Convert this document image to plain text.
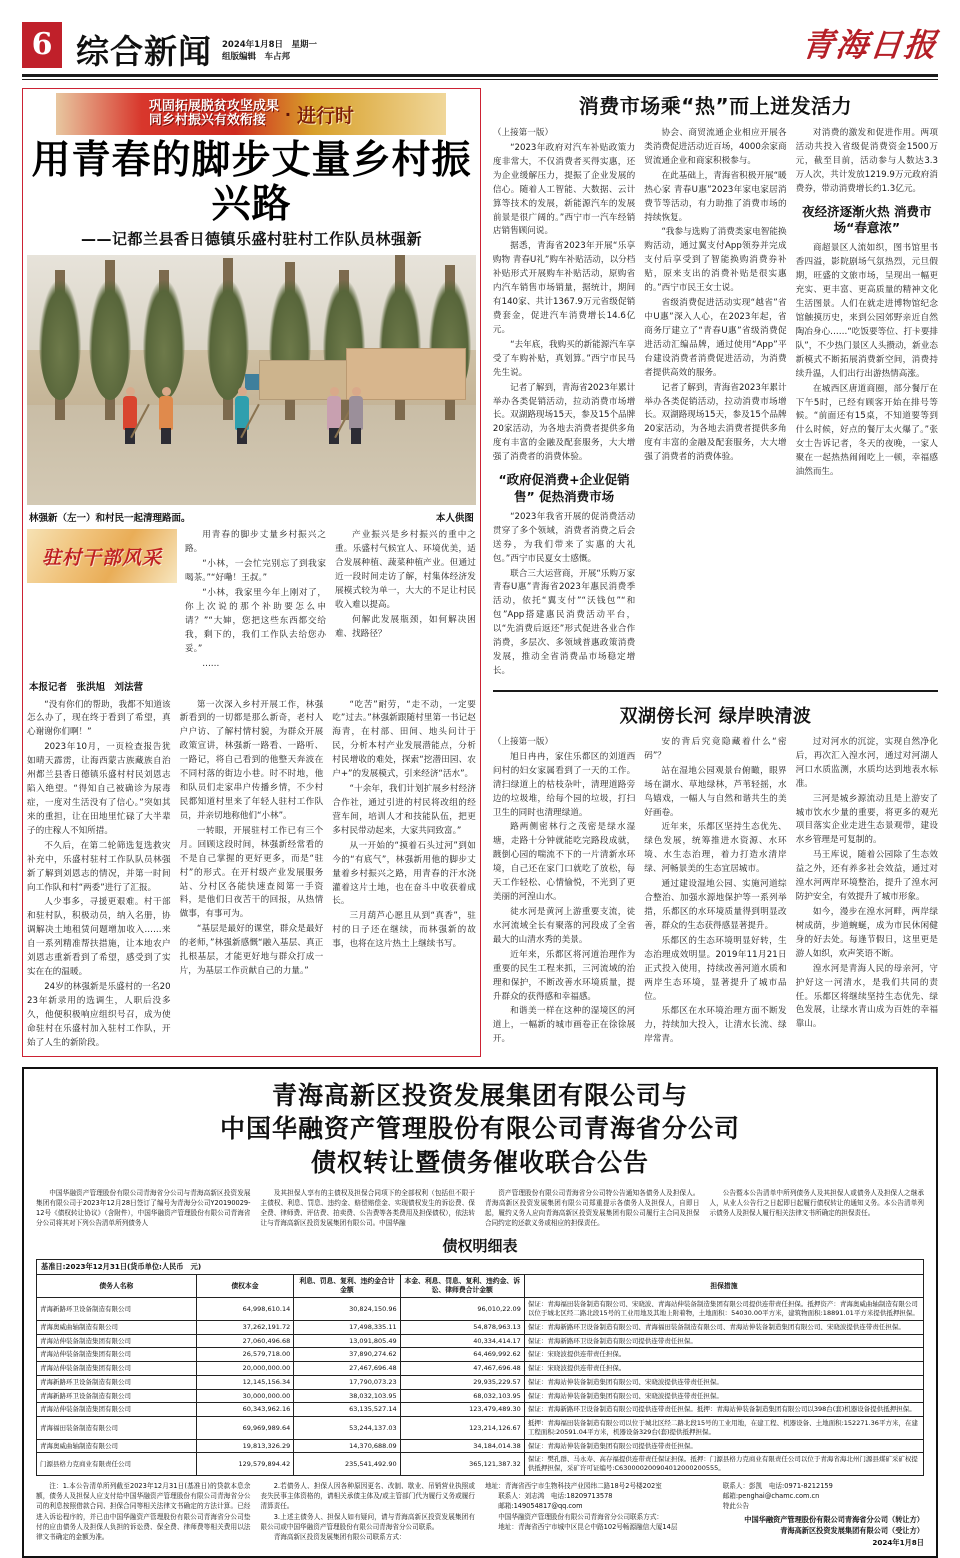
6 综合新闻 2024年1月8日　星期一
组版编辑　车占邦	青海日报
巩固拓展脱贫攻坚成果
同乡村振兴有效衔接	· 进行时
用青春的脚步丈量乡村振兴路
——记都兰县香日德镇乐盛村驻村工作队员林强新
林强新（左一）和村民一起清理路面。	本人供图
驻村干部风采

用青春的脚步丈量乡村振兴之路。

“小林，一会忙完别忘了到我家喝茶。”“好嘞！王叔。”

“小林，我家里今年上刚对了，你上次说的那个补助要怎么申请？”“大婶，您把这些东西都交给我，剩下的，我们工作队去给您办妥。”

……

产业振兴是乡村振兴的重中之重。乐盛村气候宜人、环境优美，适合发展种植、蔬菜种植产业。但通过近一段时间走访了解，村集体经济发展模式较为单一，大大的不足让村民收入难以提高。

何解此发展瓶颈，如何解决困难、找路径？

本报记者　张洪旭　刘法营

“没有你们的帮助，我都不知道该怎么办了，现在终于看到了希望，真心谢谢你们啊！”

2023年10月，一页检查报告犹如晴天霹雳，让海西蒙古族藏族自治州都兰县香日德镇乐盛村村民刘恩志陷入绝望。“得知自己被确诊为尿毒症，一度对生活没有了信心。”突如其来的重担，让在田地里忙碌了大半辈子的庄稼人不知所措。

不久后，在第二轮筛选复选救灾补充中，乐盛村驻村工作队队员林强新了解到刘恩志的情况，并第一时间向工作队和村“两委”进行了汇报。

人少事多，寻援更艰难。村干部和驻村队，积极动员，纳入名册，协调解决土地租赁问题增加收入……来自一系列精准帮扶措施，让本地农户刘恩志重新看到了希望，感受到了实实在在的温暖。

24岁的林强新是乐盛村的一名2023年新录用的选调生，人职后没多久，他便积极响应组织号召，成为使命驻村在乐盛村加入驻村工作队，开始了人生的新阶段。

第一次深入乡村开展工作，林强新看到的一切都是那么新奇，老村人户户访、了解村情村貌，为群众开展政策宣讲，林强新一路看、一路听、一路记，将自己看到的他整天奔波在不同村落的街边小巷。时不时地，他和队员们走家串户传播乡情，不少村民都知道村里来了年轻人驻村工作队员，并亲切地称他们“小林”。

一转眼，开展驻村工作已有三个月。回顾这段时间，林强新经常看的不是自己掌握的更好更多，而是“驻村”的形式。在开村级产业发展服务站、分村区各能快速查阅第一手资料，是他们日夜苦干的回报，从热情做事，有事可为。

“基层是最好的课堂，群众是最好的老师，”林强新感慨“融入基层、真正扎根基层，才能更好地与群众打成一片，为基层工作贡献自己的力量。”

“吃苦”耐劳，“走不动，一定要吃”过去。”林强新跟随村里第一书记赵海青，在村部、田间、地头问计于民，分析本村产业发展潜能点，分析村民增收的难处，探索“挖潜田园、农户+”的发展模式，引来经济“活水”。

“十余年，我们计划扩展乡村经济合作社，通过引进的村民将改组的经营车间，培训人才和技能队伍，把更多村民带动起来，大家共同致富。”

从一开始的“摸着石头过河”到如今的“有底气”，林强新用他的脚步丈量着乡村振兴之路，用青春的汗水浇灌着这片土地，也在奋斗中收获着成长。

三月葫芦心愿且从到“真香”，驻村的日子还在继续，而林强新的故事，也将在这片热土上继续书写。

消费市场乘“热”而上迸发活力

（上接第一版）

“2023年政府对汽车补贴政策力度非常大，不仅消费者买得实惠，还为企业缓解压力，提振了企业发展的信心。随着人工智能、大数据、云计算等技术的发展，新能源汽车的发展前景是很广阔的。”西宁市一汽车经销店销售顾问说。

据悉，青海省2023年开展“乐享购物 青春U礼”购车补贴活动，以分档补贴形式开展购车补贴活动，原购省内汽车销售市场销量，据统计，期间有140家、共计1367.9万元省级促销费套金，促进汽车消费增长14.6亿元。

“去年底，我购买的新能源汽车享受了车购补贴，真划算。”西宁市民马先生说。

记者了解到，青海省2023年累计举办各类促销活动，拉动消费市场增长。双湖路现场15天，参及15个品牌20家活动，为各地去消费者提供多角度有丰富的金融及配套服务，大大增强了消费者的消费体验。

“政府促消费+企业促销售” 促热消费市场

“2023年我省开展的促消费活动贯穿了多个领域，消费者消费之后会送券，为我们带来了实惠的大礼包。”西宁市民夏女士感慨。

联合三大运营商，开展“乐购万家 青春U惠”青海省2023年惠民消费季活动，依托“翼支付”“沃钱包”“和包”App搭建惠民消费活动平台，以“先消费后返还”形式促进各业合作消费，多层次、多领域普惠政策消费发展，推动全省消费品市场稳定增长。

协会、商贸流通企业相应开展各类消费促进活动近百场，4000余家商贸流通企业和商家积极参与。

在此基础上，青海省积极开展“暖热心家 青春U惠”2023年家电家居消费节等活动，有力助推了消费市场的持续恢复。

“我参与选购了消费类家电智能换购活动，通过翼支付App领券并完成支付后享受到了智能换购消费券补贴，原来支出的消费补贴是很实惠的。”西宁市民王女士说。

省级消费促进活动实现“越省”省中U惠”深入人心，在2023年起，省商务厅建立了“青春U惠”省级消费促进活动汇编品牌，通过使用“App”平台建设消费者消费促进活动，为消费者提供高效的服务。

记者了解到，青海省2023年累计举办各类促销活动，拉动消费市场增长。双湖路现场15天，参及15个品牌20家活动，为各地去消费者提供多角度有丰富的金融及配套服务，大大增强了消费者的消费体验。

对消费的激发和促进作用。两项活动共投入省级促消费资金1500万元，截至目前，活动参与人数达3.3万人次，共计发放1219.9万元政府消费券，带动消费增长约1.3亿元。

夜经济逐渐火热 消费市场“春意浓”

商超景区人流如织，图书馆里书香四溢，影院剧场气氛热烈，元旦假期，旺盛的文旅市场，呈现出一幅更充实、更丰富、更高质量的精神文化生活图景。人们在就走进博物馆纪念馆触摸历史，来到公园郊野亲近自然陶冶身心……“吃饭要等位、打卡要排队”，不少热门景区人头攒动，新业态新模式不断拓展消费新空间，消费持续升温，人们出行出游热情高涨。

在城西区唐道商圈，部分餐厅在下午5时，已经有顾客开始在排号等候。“前面还有15桌，不知道要等到什么时候，好点的餐厅太火爆了。”张女士告诉记者，冬天的夜晚，一家人聚在一起热热闹闹吃上一顿，幸福感油然而生。

双湖傍长河 绿岸映清波

（上接第一版）

旭日冉冉，家住乐都区的刘道西问村的妇女家属看到了一天的工作。清扫绿道上的枯枝杂叶，清理道路旁边的垃圾堆，给每个园的垃圾，打扫卫生的同时也清理绿道。

路两侧密林行之茂密是绿水湿塘，走路十分钟就能吃完路段成就，踱倒心园的喘流不下的一片清新水环境，自己还在家门口就吃了放松，每天工作轻松、心情愉悦，不光到了更美丽的河湟山水。

徒水河是黄河上游重要支流，徒水河流域全长有聚落的河段成了全省最大的山清水秀的美景。

近年来，乐都区将河道治理作为重要的民生工程来抓，三河流域的治理和保护，不断改善水环境质量，提升群众的获得感和幸福感。

和谐美一样在这种的湿境区的河道上，一幅新的城市画卷正在徐徐展开。

安的背后究竟隐藏着什么“密码”？

站在湿地公园观景台俯瞰，眼界场在湖水、草地绿林，芦苇轻摇，水鸟嬉戏，一幅人与自然和谐共生的美好画卷。

近年来，乐都区坚持生态优先、绿色发展，统筹推进水资源、水环境、水生态治理，着力打造水清岸绿、河畅景美的生态宜居城市。

通过建设湿地公园、实施河道综合整治、加强水源地保护等一系列举措，乐都区的水环境质量得到明显改善，群众的生态获得感显著提升。

乐都区的生态环境明显好转，生态治理成效明显。2019年11月21日正式投入使用，持续改善河道水质和两岸生态环境，显著提升了城市品位。

乐都区在水环境治理方面不断发力，持续加大投入，让清水长流、绿岸常青。

过对河水的沉淀，实现自然净化后，再次汇入湟水河，通过对河湖人河口水质监测，水质均达到地表水标准。

三河是城乡源流动且是上游安了城市饮水少量的重要，将更多的观光项目落实企业走进生态景观带，建设水乡管理是可复制的。

马王库说，随着公园除了生态效益之外，还有养多社会效益，通过对湟水河两岸环境整治，提升了湟水河防护安全，有效提升了城市形象。

如今，漫步在湟水河畔，两岸绿树成荫，步道蜿蜒，成为市民休闲健身的好去处。每逢节假日，这里更是游人如织，欢声笑语不断。

湟水河是青海人民的母亲河，守护好这一河清水，是我们共同的责任。乐都区将继续坚持生态优先、绿色发展，让绿水青山成为百姓的幸福靠山。

青海高新区投资发展集团有限公司与
中国华融资产管理股份有限公司青海省分公司
债权转让暨债务催收联合公告

中国华融资产管理股份有限公司青海省分公司与青海高新区投资发展集团有限公司于2023年12月28日签订了编号为青海分公司Y20190029-12号《债权转让协议》（含附件），中国华融资产管理股份有限公司青海省分公司将其对下列公告清单所列债务人

及其担保人享有的主债权及担保合同项下的全部权利（包括但不限于主债权、利息、罚息、违约金、赔偿赔偿金、实现债权发生的诉讼费、保全费、律师费、评估费、拍卖费、公告费等各类费用及担保债权），依法转让与青海高新区投资发展集团有限公司。中国华融

资产管理股份有限公司青海省分公司特公告通知各债务人及担保人。青海高新区投资发展集团有限公司郑重提示各债务人及担保人，自即日起，履约义务人应向青海高新区投资发展集团有限公司履行主合同及担保合同约定的还款义务或相应的担保责任。

公告暨本公告清单中所列债务人及其担保人或债务人及担保人之继承人，从业人公告行之日起即日起履行债权转让的通知义务。本公告清单列示债务人及担保人履行相关法律文书所确定的担保责任。

债权明细表
基准日:2023年12月31日(货币单位:人民币　元)
债务人名称	债权本金	利息、罚息、复利、违约金合计金额	本金、利息、罚息、复利、违约金、诉讼、律师费合计金额	担保措施
青海新路环卫设备制造有限公司	64,998,610.14	30,824,150.96	96,010,22.09	保证：青海福田装备制造有限公司、宋晓波、青海站伸装备制造集团有限公司提供连带责任担保。抵押资产：青海奥威曲轴制造有限公司以位于城北区经二路北段15号的工业用地及其地上附着物，土地面积：54030.00平方米，建筑物面积:18891.01平方米提供抵押担保。
青海奥威曲轴制造有限公司	37,262,191.72	17,498,335.11	54,878,963.13	保证：青海新路环卫设备制造有限公司、青海福田装备制造有限公司、青海站伸装备制造集团有限公司、宋晓波提供连带责任担保。
青海站伸装备制造集团有限公司	27,060,496.68	13,091,805.49	40,334,414.17	保证：青海新路环卫设备制造有限公司提供连带责任担保。
青海站伸装备制造集团有限公司	26,579,718.00	37,890,274.62	64,469,992.62	保证：宋晓波提供连带责任担保。
青海站伸装备制造集团有限公司	20,000,000.00	27,467,696.48	47,467,696.48	保证：宋晓波提供连带责任担保。
青海新路环卫设备制造有限公司	12,145,156.34	17,790,073.23	29,935,229.57	保证：青海站伸装备制造集团有限公司、宋晓波提供连带责任担保。
青海新路环卫设备制造有限公司	30,000,000.00	38,032,103.95	68,032,103.95	保证：青海站伸装备制造集团有限公司、宋晓波提供连带责任担保。
青海站伸装备制造集团有限公司	60,343,962.16	63,135,527.14	123,479,489.30	保证：青海新路环卫设备制造有限公司提供连带责任担保。抵押：青海站伸装备制造集团有限公司以398台(套)机器设备提供抵押担保。
青海福田装备制造有限公司	69,969,989.64	53,244,137.03	123,214,126.67	抵押：青海福田装备制造有限公司以位于城北区经二路北段15号的工业用地，在建工程、机器设备、土地面积:152271.36平方米，在建工程面积:20591.04平方米，机器设备329台(套)提供抵押担保。
青海奥威曲轴制造有限公司	19,813,326.29	14,370,688.09	34,184,014.38	保证：青海站伸装备制造集团有限公司提供连带责任担保。
门源县格力克商业有限责任公司	129,579,894.42	235,541,492.90	365,121,387.32	保证：樊孔群、马永寿、高存福提供连带责任保证担保。抵押：门源县格力克商业有限责任公司以位于青海省海北州门源县煤矿采矿权提供抵押担保，采矿许可证编号:C630000200904012000200555。

注：1.本公告清单所列截至2023年12月31日(基准日)的贷款本息余额，债务人及担保人应支付给中国华融资产管理股份有限公司青海省分公司的利息按照借款合同、担保合同等相关法律文书确定的方法计算。已经进入诉讼程序的，并已由中国华融资产管理股份有限公司青海省分公司垫付的应由债务人及担保人负担的诉讼费、保全费、律师费等相关费用以法律文书确定的金额为准。

2.若债务人、担保人因各种原因更名、改制、歇业、吊销营业执照或丧失民事主体资格的，请相关承债主体及/或主管部门代为履行义务或履行清算责任。

3.上述主债务人、担保人如有疑问，请与青海高新区投资发展集团有限公司或中国华融资产管理股份有限公司青海省分公司联系。

青海高新区投资发展集团有限公司联系方式：

地址：青海省西宁市生物科技产业园纬二路18号2号楼202室

联系人：刘志鸿　电话:18209713578

邮箱:149054817@qq.com

中国华融资产管理股份有限公司青海省分公司联系方式：

地址：青海省西宁市城中区昆仑中路102号畅源融信大厦14层

联系人：彭凯　电话:0971-8212159

邮箱:penghai@chamc.com.cn

特此公告

中国华融资产管理股份有限公司青海省分公司（转让方）
青海高新区投资发展集团有限公司（受让方）
2024年1月8日
